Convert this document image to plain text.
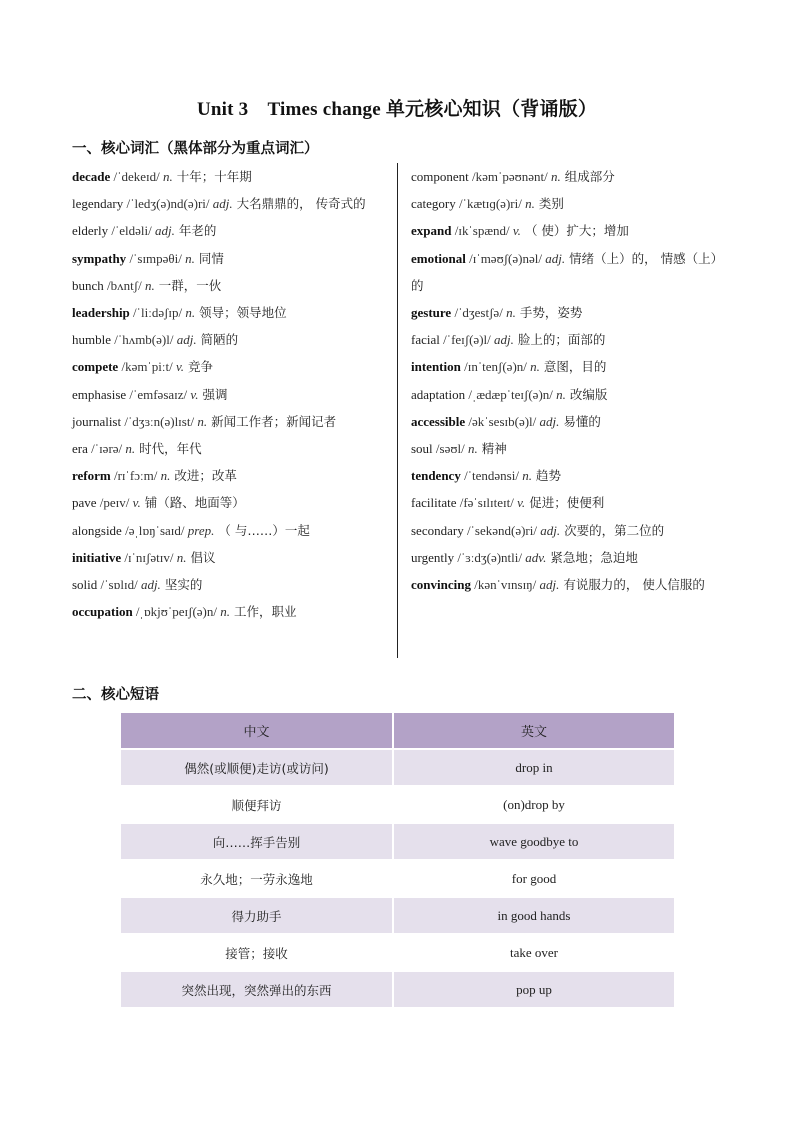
Unit 3　Times change 单元核心知识（背诵版）
一、核心词汇（黑体部分为重点词汇）
decade /ˈdekeɪd/ n. 十年；十年期
legendary /ˈledʒ(ə)nd(ə)ri/ adj. 大名鼎鼎的， 传奇式的
elderly /ˈeldəli/ adj. 年老的
sympathy /ˈsɪmpəθi/ n. 同情
bunch /bʌntʃ/ n. 一群，一伙
leadership /ˈliːdəʃɪp/ n. 领导；领导地位
humble /ˈhʌmb(ə)l/ adj. 简陋的
compete /kəmˈpiːt/ v. 竞争
emphasise /ˈemfəsaɪz/ v. 强调
journalist /ˈdʒɜːn(ə)lɪst/ n. 新闻工作者；新闻记者
era /ˈɪərə/ n. 时代，年代
reform /rɪˈfɔːm/ n. 改进；改革
pave /peɪv/ v. 铺（路、地面等）
alongside /əˌlɒŋˈsaɪd/ prep. （ 与……）一起
initiative /ɪˈnɪʃətɪv/ n. 倡议
solid /ˈsɒlɪd/ adj. 坚实的
occupation /ˌɒkjʊˈpeɪʃ(ə)n/ n. 工作，职业
component /kəmˈpəʊnənt/ n. 组成部分
category /ˈkætɪɡ(ə)ri/ n. 类别
expand /ɪkˈspænd/ v. （ 使）扩大；增加
emotional /ɪˈməʊʃ(ə)nəl/ adj. 情绪（上）的， 情感（上）的
gesture /ˈdʒestʃə/ n. 手势，姿势
facial /ˈfeɪʃ(ə)l/ adj. 脸上的；面部的
intention /ɪnˈtenʃ(ə)n/ n. 意图，目的
adaptation /ˌædæpˈteɪʃ(ə)n/ n. 改编版
accessible /əkˈsesɪb(ə)l/ adj. 易懂的
soul /səʊl/ n. 精神
tendency /ˈtendənsi/ n. 趋势
facilitate /fəˈsɪlɪteɪt/ v. 促进；使便利
secondary /ˈsekənd(ə)ri/ adj. 次要的，第二位的
urgently /ˈɜːdʒ(ə)ntli/ adv. 紧急地；急迫地
convincing /kənˈvɪnsɪŋ/ adj. 有说服力的， 使人信服的
二、核心短语
中文	英文
偶然(或顺便)走访(或访问)	drop in
顺便拜访	(on)drop by
向……挥手告别	wave goodbye to
永久地；一劳永逸地	for good
得力助手	in good hands
接管；接收	take over
突然出现，突然弹出的东西	pop up
